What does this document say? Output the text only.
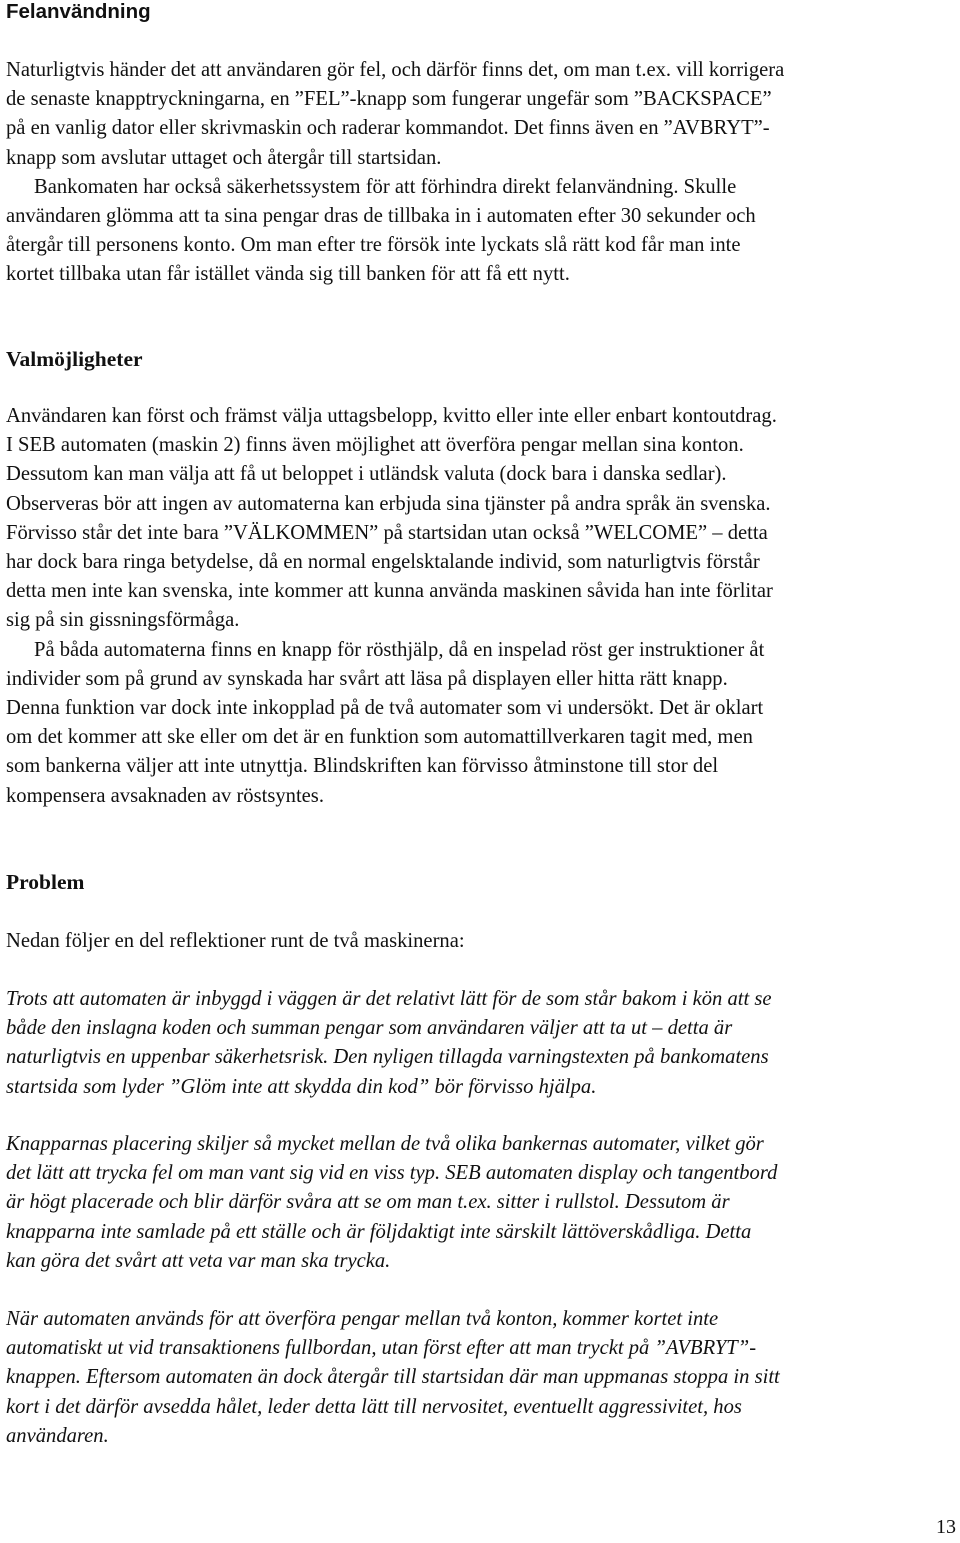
Felanvändning

Naturligtvis händer det att användaren gör fel, och därför finns det, om man t.ex. vill korrigera

de senaste knapptryckningarna, en ”FEL”-knapp som fungerar ungefär som ”BACKSPACE”

på en vanlig dator eller skrivmaskin och raderar kommandot. Det finns även en ”AVBRYT”-

knapp som avslutar uttaget och återgår till startsidan.

Bankomaten har också säkerhetssystem för att förhindra direkt felanvändning. Skulle

användaren glömma att ta sina pengar dras de tillbaka in i automaten efter 30 sekunder och

återgår till personens konto. Om man efter tre försök inte lyckats slå rätt kod får man inte

kortet tillbaka utan får istället vända sig till banken för att få ett nytt.

Valmöjligheter

Användaren kan först och främst välja uttagsbelopp, kvitto eller inte eller enbart kontoutdrag.

I SEB automaten (maskin 2) finns även möjlighet att överföra pengar mellan sina konton.

Dessutom kan man välja att få ut beloppet i utländsk valuta (dock bara i danska sedlar).

Observeras bör att ingen av automaterna kan erbjuda sina tjänster på andra språk än svenska.

Förvisso står det inte bara ”VÄLKOMMEN” på startsidan utan också ”WELCOME” – detta

har dock bara ringa betydelse, då en normal engelsktalande individ, som naturligtvis förstår

detta men inte kan svenska, inte kommer att kunna använda maskinen såvida han inte förlitar

sig på sin gissningsförmåga.

På båda automaterna finns en knapp för rösthjälp, då en inspelad röst ger instruktioner åt

individer som på grund av synskada har svårt att läsa på displayen eller hitta rätt knapp.

Denna funktion var dock inte inkopplad på de två automater som vi undersökt. Det är oklart

om det kommer att ske eller om det är en funktion som automattillverkaren tagit med, men

som bankerna väljer att inte utnyttja. Blindskriften kan förvisso åtminstone till stor del

kompensera avsaknaden av röstsyntes.

Problem

Nedan följer en del reflektioner runt de två maskinerna:

Trots att automaten är inbyggd i väggen är det relativt lätt för de som står bakom i kön att se

både den inslagna koden och summan pengar som användaren väljer att ta ut – detta är

naturligtvis en uppenbar säkerhetsrisk. Den nyligen tillagda varningstexten på bankomatens

startsida som lyder ”Glöm inte att skydda din kod” bör förvisso hjälpa.

Knapparnas placering skiljer så mycket mellan de två olika bankernas automater, vilket gör

det lätt att trycka fel om man vant sig vid en viss typ. SEB automaten display och tangentbord

är högt placerade och blir därför svåra att se om man t.ex. sitter i rullstol. Dessutom är

knapparna inte samlade på ett ställe och är följdaktigt inte särskilt lättöverskådliga. Detta

kan göra det svårt att veta var man ska trycka.

När automaten används för att överföra pengar mellan två konton, kommer kortet inte

automatiskt ut vid transaktionens fullbordan, utan först efter att man tryckt på ”AVBRYT”-

knappen. Eftersom automaten än dock återgår till startsidan där man uppmanas stoppa in sitt

kort i det därför avsedda hålet, leder detta lätt till nervositet, eventuellt aggressivitet, hos

användaren.

13
